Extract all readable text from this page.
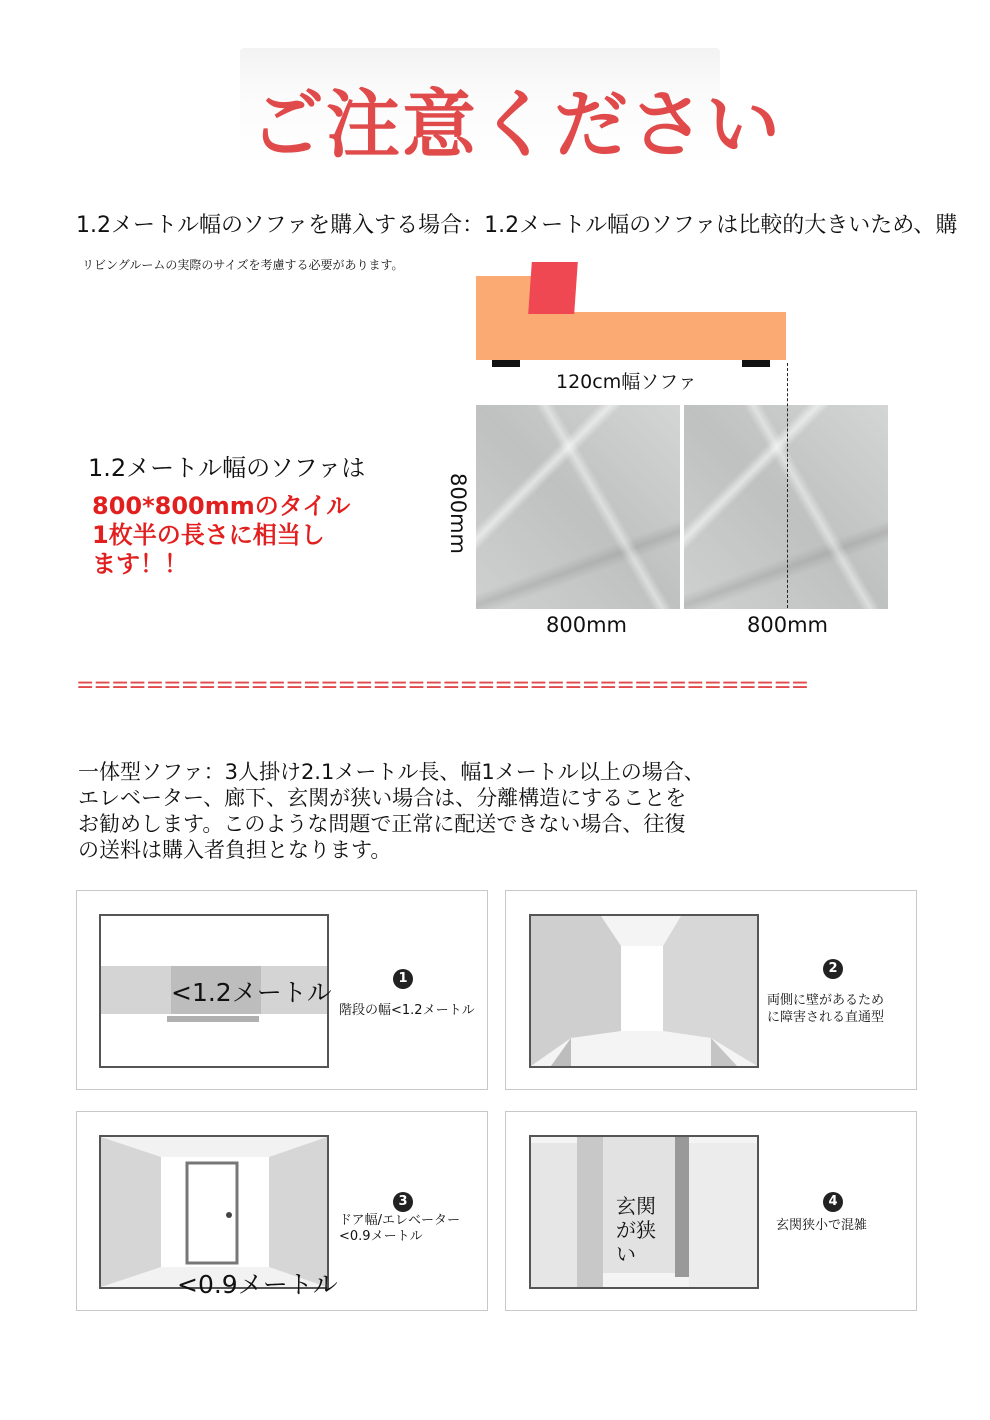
ご注意ください
1.2メートル幅のソファを購入する場合：1.2メートル幅のソファは比較的大きいため、購
リビングルームの実際のサイズを考慮する必要があります。
120cm幅ソファ
800mm
800mm	800mm
1.2メートル幅のソファは
800*800mmのタイル
1枚半の長さに相当し
ます！！
==========================================
一体型ソファ：3人掛け2.1メートル長、幅1メートル以上の場合、
エレベーター、廊下、玄関が狭い場合は、分離構造にすることを
お勧めします。このような問題で正常に配送できない場合、往復
の送料は購入者負担となります。
<1.2メートル	1
階段の幅<1.2メートル
2
両側に壁があるため
に障害される直通型
<0.9メートル
3
ドア幅/エレベーター
<0.9メートル
玄関
が狭
い
4
玄関狭小で混雑
